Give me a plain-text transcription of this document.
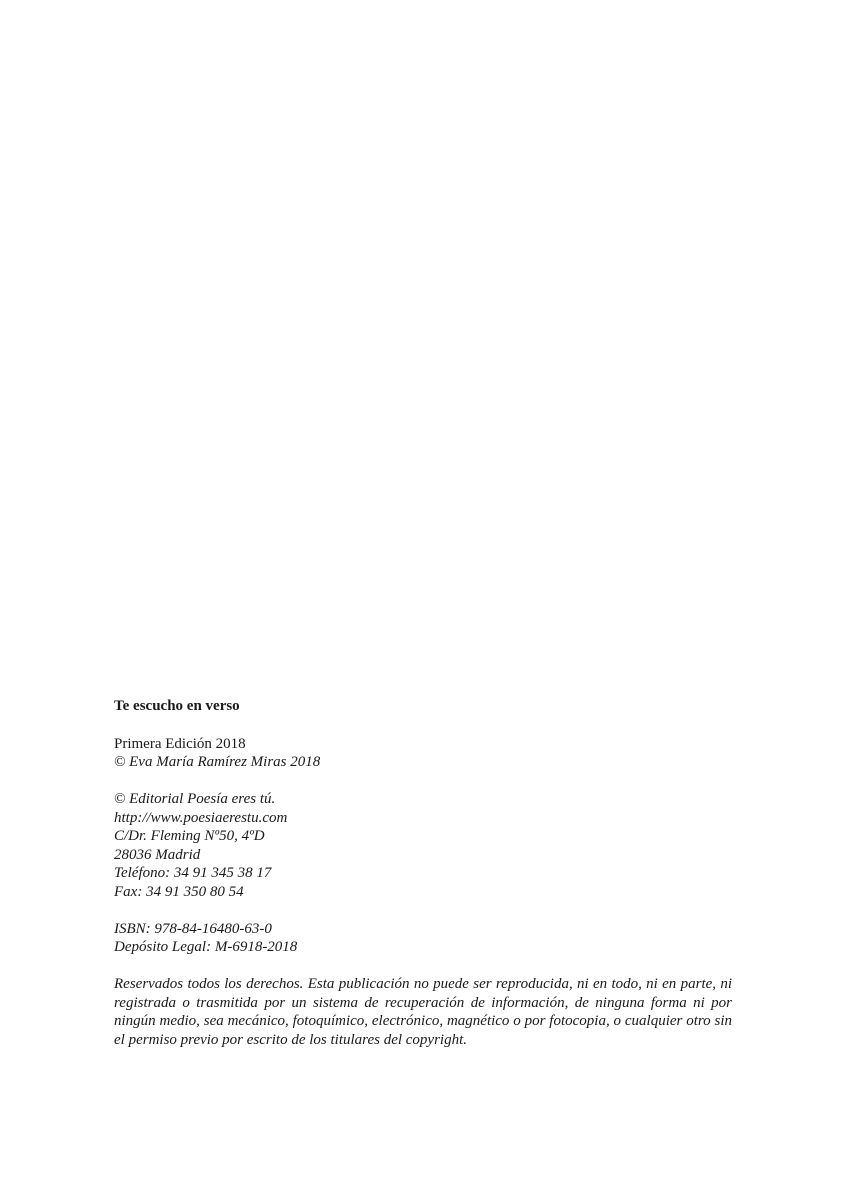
Te escucho en verso

Primera Edición 2018
© Eva María Ramírez Miras 2018
© Editorial Poesía eres tú.
http://www.poesiaerestu.com
C/Dr. Fleming Nº50, 4ºD
28036 Madrid
Teléfono: 34 91 345 38 17
Fax: 34 91 350 80 54
ISBN: 978-84-16480-63-0
Depósito Legal: M-6918-2018

Reservados todos los derechos. Esta publicación no puede ser reproducida, ni en todo, ni en parte, ni registrada o trasmitida por un sistema de recuperación de información, de ninguna forma ni por ningún medio, sea mecánico, fotoquímico, electrónico, magnético o por fotocopia, o cualquier otro sin el permiso previo por escrito de los titulares del copyright.
